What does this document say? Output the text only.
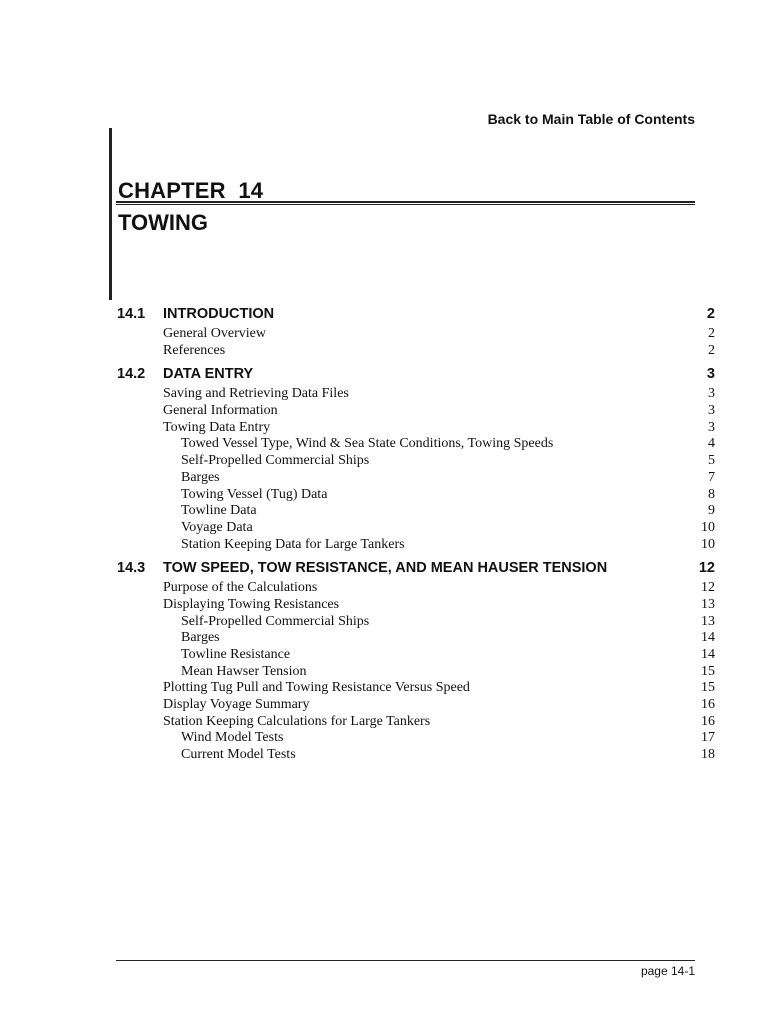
Back to Main Table of Contents
CHAPTER  14
TOWING
14.1	INTRODUCTION	2
General Overview	2
References	2
14.2	DATA ENTRY	3
Saving and Retrieving Data Files	3
General Information	3
Towing Data Entry	3
Towed Vessel Type, Wind & Sea State Conditions, Towing Speeds	4
Self-Propelled Commercial Ships	5
Barges	7
Towing Vessel (Tug) Data	8
Towline Data	9
Voyage Data	10
Station Keeping Data for Large Tankers	10
14.3	TOW SPEED, TOW RESISTANCE, AND MEAN HAUSER TENSION	12
Purpose of the Calculations	12
Displaying Towing Resistances	13
Self-Propelled Commercial Ships	13
Barges	14
Towline Resistance	14
Mean Hawser Tension	15
Plotting Tug Pull and Towing Resistance Versus Speed	15
Display Voyage Summary	16
Station Keeping Calculations for Large Tankers	16
Wind Model Tests	17
Current Model Tests	18
page 14-1
